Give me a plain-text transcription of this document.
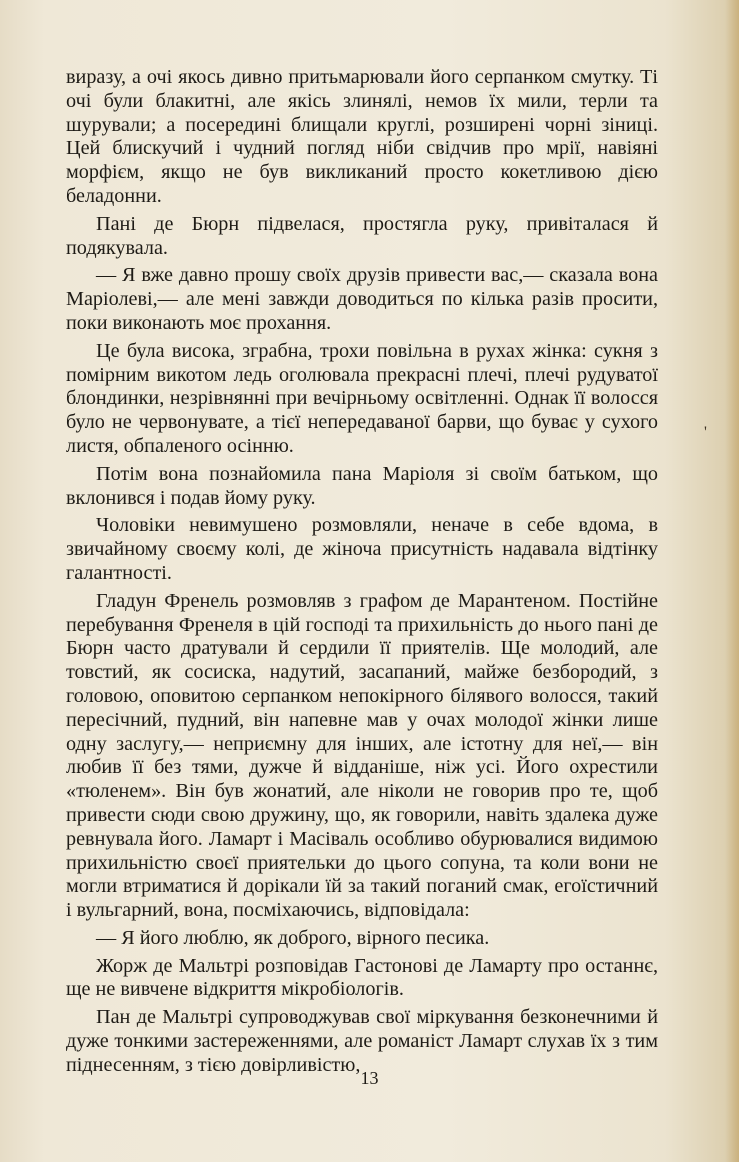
виразу, а очі якось дивно притьмарювали його серпанком смутку. Ті очі були блакитні, але якісь злинялі, немов їх мили, терли та шурували; а посередині блищали круглі, розширені чорні зіниці. Цей блискучий і чудний погляд ніби свідчив про мрії, навіяні морфієм, якщо не був викликаний просто кокетливою дією беладонни.

Пані де Бюрн підвелася, простягла руку, привіталася й подякувала.

— Я вже давно прошу своїх друзів привести вас,— сказала вона Маріолеві,— але мені завжди доводиться по кілька разів просити, поки виконають моє прохання.

Це була висока, зграбна, трохи повільна в рухах жінка: сукня з помірним викотом ледь оголювала прекрасні плечі, плечі рудуватої блондинки, незрівнянні при вечірньому освітленні. Однак її волосся було не червонувате, а тієї непередаваної барви, що буває у сухого листя, обпаленого осінню.

Потім вона познайомила пана Маріоля зі своїм батьком, що вклонився і подав йому руку.

Чоловіки невимушено розмовляли, неначе в себе вдома, в звичайному своєму колі, де жіноча присутність надавала відтінку галантності.

Гладун Френель розмовляв з графом де Марантеном. Постійне перебування Френеля в цій господі та прихильність до нього пані де Бюрн часто дратували й сердили її приятелів. Ще молодий, але товстий, як сосиска, надутий, засапаний, майже безбородий, з головою, оповитою серпанком непокірного білявого волосся, такий пересічний, пудний, він напевне мав у очах молодої жінки лише одну заслугу,— неприємну для інших, але істотну для неї,— він любив її без тями, дужче й відданіше, ніж усі. Його охрестили «тюленем». Він був жонатий, але ніколи не говорив про те, щоб привести сюди свою дружину, що, як говорили, навіть здалека дуже ревнувала його. Ламарт і Масіваль особливо обурювалися видимою прихильністю своєї приятельки до цього сопуна, та коли вони не могли втриматися й дорікали їй за такий поганий смак, егоїстичний і вульгарний, вона, посміхаючись, відповідала:

— Я його люблю, як доброго, вірного песика.

Жорж де Мальтрі розповідав Гастонові де Ламарту про останнє, ще не вивчене відкриття мікробіологів.

Пан де Мальтрі супроводжував свої міркування безконечними й дуже тонкими застереженнями, але романіст Ламарт слухав їх з тим піднесенням, з тією довірливістю,

'
13
